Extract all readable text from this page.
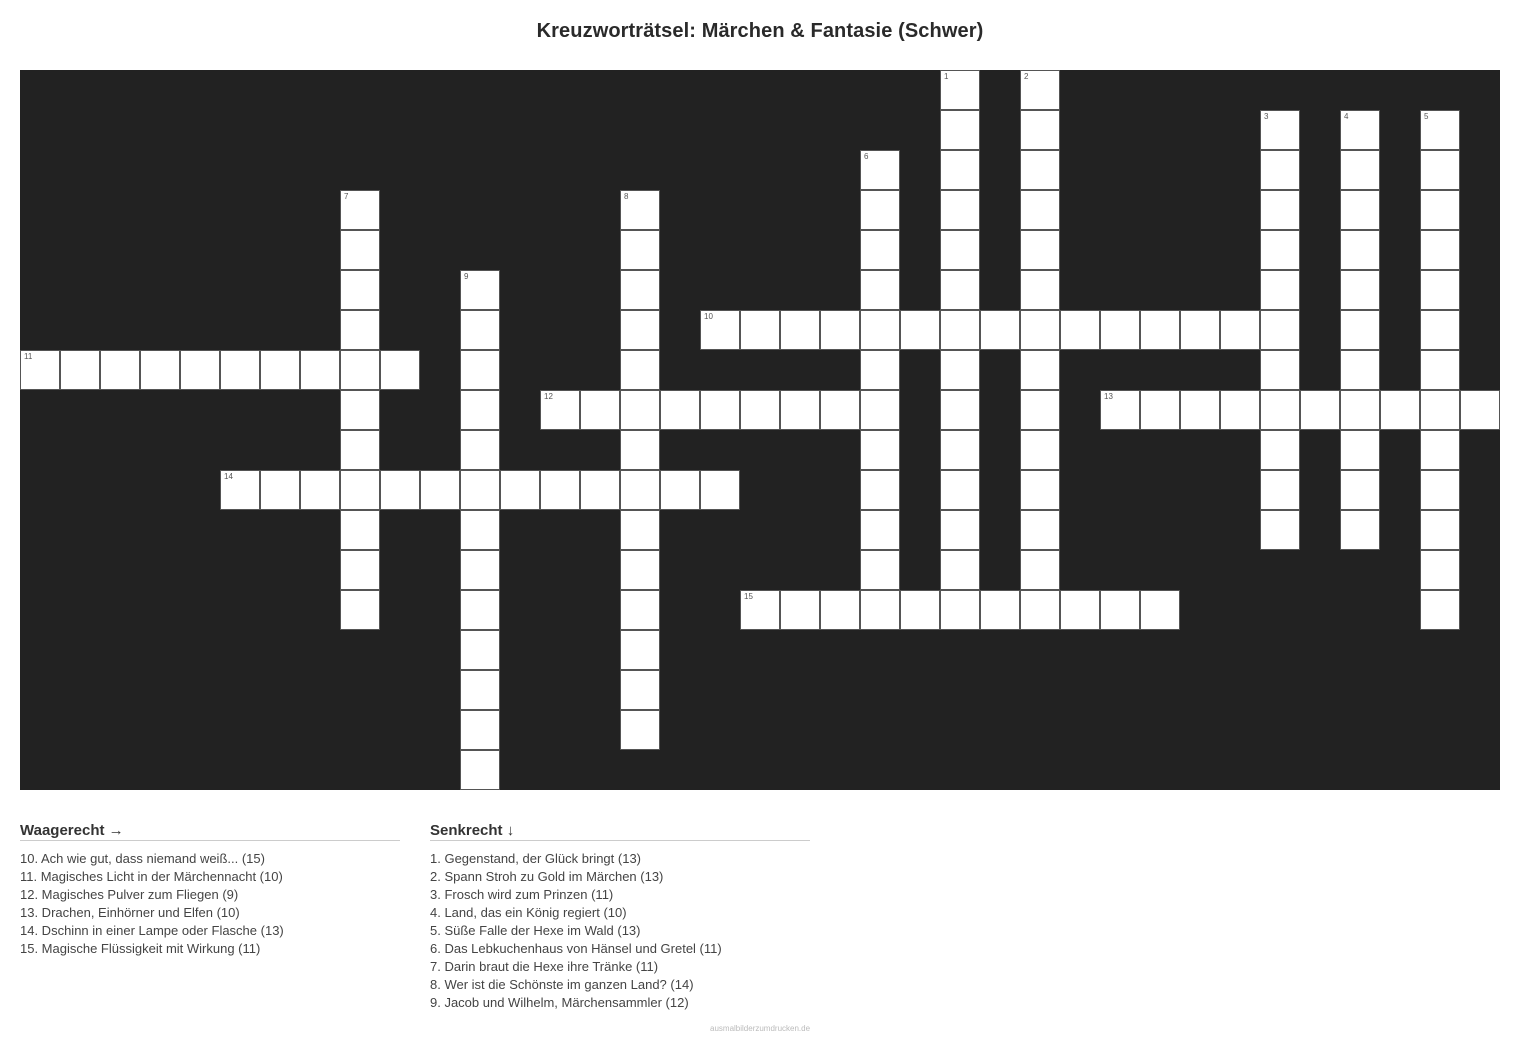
Kreuzworträtsel: Märchen & Fantasie (Schwer)
1	2
3	4	5
6
7	8
9
10
11
12	13
14
15
Waagerecht →
10. Ach wie gut, dass niemand weiß... (15)
11. Magisches Licht in der Märchennacht (10)
12. Magisches Pulver zum Fliegen (9)
13. Drachen, Einhörner und Elfen (10)
14. Dschinn in einer Lampe oder Flasche (13)
15. Magische Flüssigkeit mit Wirkung (11)
Senkrecht ↓
1. Gegenstand, der Glück bringt (13)
2. Spann Stroh zu Gold im Märchen (13)
3. Frosch wird zum Prinzen (11)
4. Land, das ein König regiert (10)
5. Süße Falle der Hexe im Wald (13)
6. Das Lebkuchenhaus von Hänsel und Gretel (11)
7. Darin braut die Hexe ihre Tränke (11)
8. Wer ist die Schönste im ganzen Land? (14)
9. Jacob und Wilhelm, Märchensammler (12)
ausmalbilderzumdrucken.de
